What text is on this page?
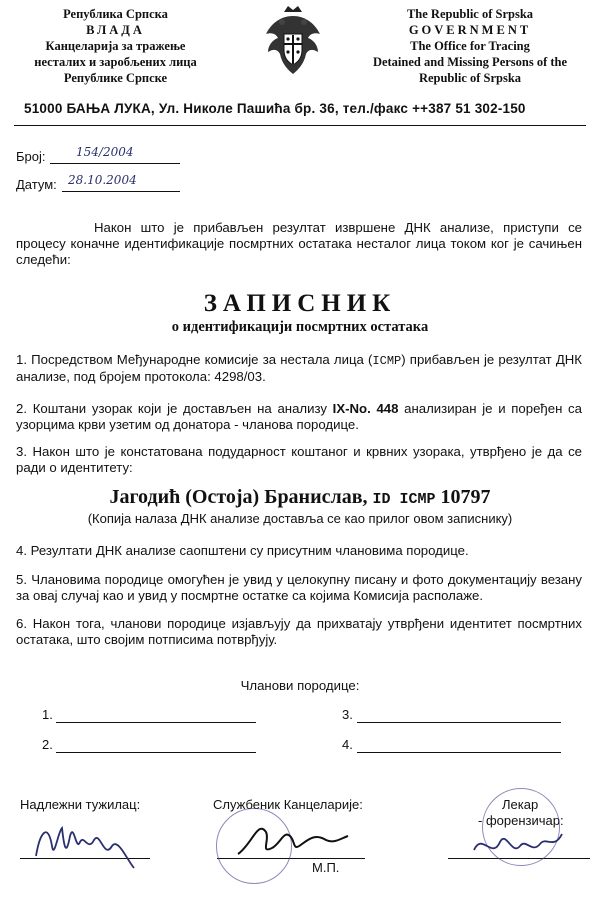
Република Српска
ВЛАДА
Канцеларија за тражење
несталих и заробљених лица
Републике Српске
The Republic of Srpska
GOVERNMENT
The Office for Tracing
Detained and Missing Persons of the
Republic of Srpska
51000 БАЊА ЛУКА, Ул. Николе Пашића бр. 36, тел./факс ++387 51 302-150
Број:	154/2004
Датум: 28.10.2004
Након што је прибављен резултат извршене ДНК анализе, приступи се процесу коначне идентификације посмртних остатака несталог лица током ког је сачињен следећи:
ЗАПИСНИК
о идентификацији посмртних остатака
1. Посредством Међународне комисије за нестала лица (ICMP) прибављен је резултат ДНК анализе, под бројем протокола: 4298/03.
2. Коштани узорак који је достављен на анализу IX-No. 448 анализиран је и поређен са узорцима крви узетим од донатора - чланова породице.
3. Након што је констатована подударност коштаног и крвних узорака, утврђено је да се ради о идентитету:
Јагодић (Остоја) Бранислав, ID ICMP 10797
(Копија налаза ДНК анализе доставља се као прилог овом записнику)
4. Резултати ДНК анализе саопштени су присутним члановима породице.
5. Члановима породице омогућен је увид у целокупну писану и фото документацију везану за овај случај као и увид у посмртне остатке са којима Комисија располаже.
6. Након тога, чланови породице изјављују да прихватају утврђени идентитет посмртних остатака, што својим потписима потврђују.
Чланови породице:
1.	3.
2.	4.
Надлежни тужилац:	Службеник Канцеларије:	Лекар
- форензичар:
М.П.
